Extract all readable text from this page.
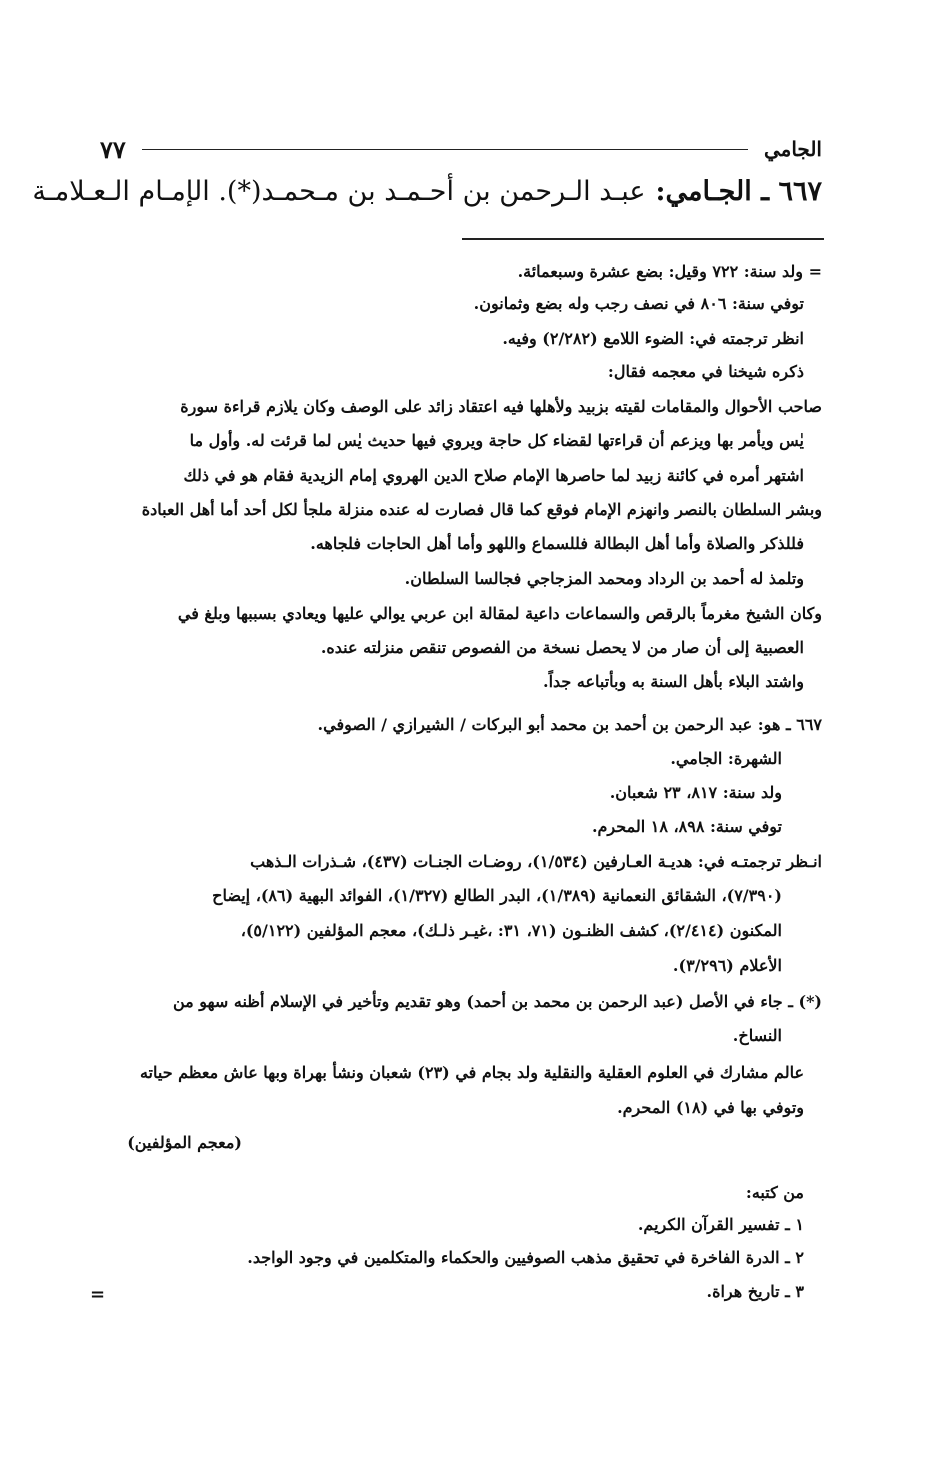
الجامي
٧٧
٦٦٧ ـ الجـامي:
عبـد الـرحمن بن أحـمـد بن مـحمـد(*). الإمـام الـعـلامـة
= ولد سنة: ٧٢٢ وقيل: بضع عشرة وسبعمائة.
توفي سنة: ٨٠٦ في نصف رجب وله بضع وثمانون.
انظر ترجمته في: الضوء اللامع (٢/٢٨٢) وفيه.
ذكره شيخنا في معجمه فقال:
صاحب الأحوال والمقامات لقيته بزبيد ولأهلها فيه اعتقاد زائد على الوصف وكان يلازم قراءة سورة
يٰس ويأمر بها ويزعم أن قراءتها لقضاء كل حاجة ويروي فيها حديث يٰس لما قرئت له. وأول ما
اشتهر أمره في كائنة زبيد لما حاصرها الإمام صلاح الدين الهروي إمام الزيدية فقام هو في ذلك
وبشر السلطان بالنصر وانهزم الإمام فوقع كما قال فصارت له عنده منزلة ملجأ لكل أحد أما أهل العبادة
فللذكر والصلاة وأما أهل البطالة فللسماع واللهو وأما أهل الحاجات فلجاهه.
وتلمذ له أحمد بن الرداد ومحمد المزجاجي فجالسا السلطان.
وكان الشيخ مغرماً بالرقص والسماعات داعية لمقالة ابن عربي يوالي عليها ويعادي بسببها وبلغ في
العصبية إلى أن صار من لا يحصل نسخة من الفصوص تنقص منزلته عنده.
واشتد البلاء بأهل السنة به وبأتباعه جداً.
٦٦٧ ـ هو: عبد الرحمن بن أحمد بن محمد أبو البركات / الشيرازي / الصوفي.
الشهرة: الجامي.
ولد سنة: ٨١٧، ٢٣ شعبان.
توفي سنة: ٨٩٨، ١٨ المحرم.
انـظر ترجمتـه في: هديـة العـارفين (١/٥٣٤)، روضـات الجنـات (٤٣٧)، شـذرات الـذهب
(٧/٣٩٠)، الشقائق النعمانية (١/٣٨٩)، البدر الطالع (١/٣٢٧)، الفوائد البهية (٨٦)، إيضاح
المكنون (٢/٤١٤)، كشف الظنـون (٧١، ٣١: ،غيـر ذلـك)، معجم المؤلفين (٥/١٢٢)،
الأعلام (٣/٢٩٦).
(*) ـ جاء في الأصل (عبد الرحمن بن محمد بن أحمد) وهو تقديم وتأخير في الإسلام أظنه سهو من
النساخ.
عالم مشارك في العلوم العقلية والنقلية ولد بجام في (٢٣) شعبان ونشأ بهراة وبها عاش معظم حياته
وتوفي بها في (١٨) المحرم.
(معجم المؤلفين)
من كتبه:
١ ـ تفسير القرآن الكريم.
٢ ـ الدرة الفاخرة في تحقيق مذهب الصوفيين والحكماء والمتكلمين في وجود الواجد.
٣ ـ تاريخ هراة.
=
